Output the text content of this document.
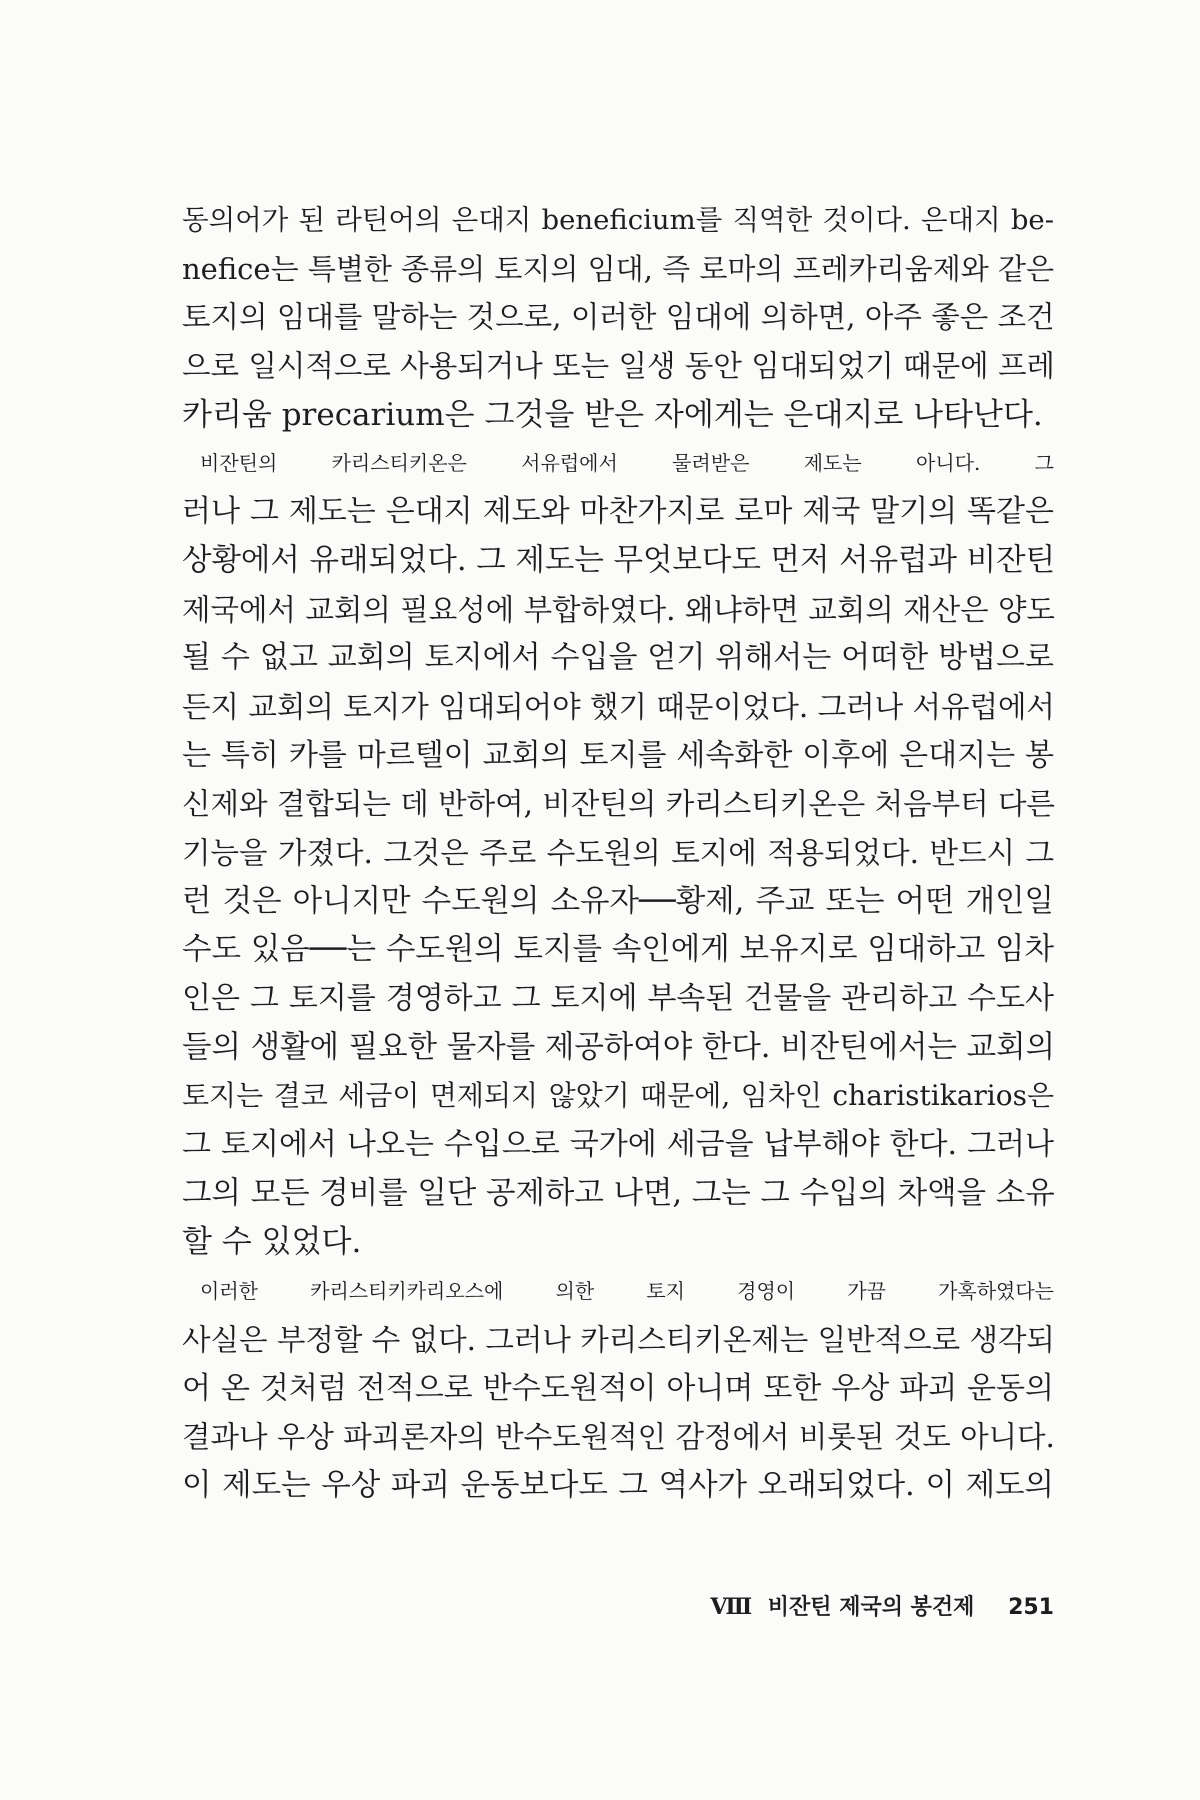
동의어가 된 라틴어의 은대지 beneficium를 직역한 것이다. 은대지 be-
nefice는 특별한 종류의 토지의 임대, 즉 로마의 프레카리움제와 같은
토지의 임대를 말하는 것으로, 이러한 임대에 의하면, 아주 좋은 조건
으로 일시적으로 사용되거나 또는 일생 동안 임대되었기 때문에 프레
카리움 precarium은 그것을 받은 자에게는 은대지로 나타난다.
비잔틴의 카리스티키온은 서유럽에서 물려받은 제도는 아니다. 그
러나 그 제도는 은대지 제도와 마찬가지로 로마 제국 말기의 똑같은
상황에서 유래되었다. 그 제도는 무엇보다도 먼저 서유럽과 비잔틴
제국에서 교회의 필요성에 부합하였다. 왜냐하면 교회의 재산은 양도
될 수 없고 교회의 토지에서 수입을 얻기 위해서는 어떠한 방법으로
든지 교회의 토지가 임대되어야 했기 때문이었다. 그러나 서유럽에서
는 특히 카를 마르텔이 교회의 토지를 세속화한 이후에 은대지는 봉
신제와 결합되는 데 반하여, 비잔틴의 카리스티키온은 처음부터 다른
기능을 가졌다. 그것은 주로 수도원의 토지에 적용되었다. 반드시 그
런 것은 아니지만 수도원의 소유자──황제, 주교 또는 어떤 개인일
수도 있음──는 수도원의 토지를 속인에게 보유지로 임대하고 임차
인은 그 토지를 경영하고 그 토지에 부속된 건물을 관리하고 수도사
들의 생활에 필요한 물자를 제공하여야 한다. 비잔틴에서는 교회의
토지는 결코 세금이 면제되지 않았기 때문에, 임차인 charistikarios은
그 토지에서 나오는 수입으로 국가에 세금을 납부해야 한다. 그러나
그의 모든 경비를 일단 공제하고 나면, 그는 그 수입의 차액을 소유
할 수 있었다.
이러한 카리스티키카리오스에 의한 토지 경영이 가끔 가혹하였다는
사실은 부정할 수 없다. 그러나 카리스티키온제는 일반적으로 생각되
어 온 것처럼 전적으로 반수도원적이 아니며 또한 우상 파괴 운동의
결과나 우상 파괴론자의 반수도원적인 감정에서 비롯된 것도 아니다.
이 제도는 우상 파괴 운동보다도 그 역사가 오래되었다. 이 제도의
Ⅷ 비잔틴 제국의 봉건제 251
